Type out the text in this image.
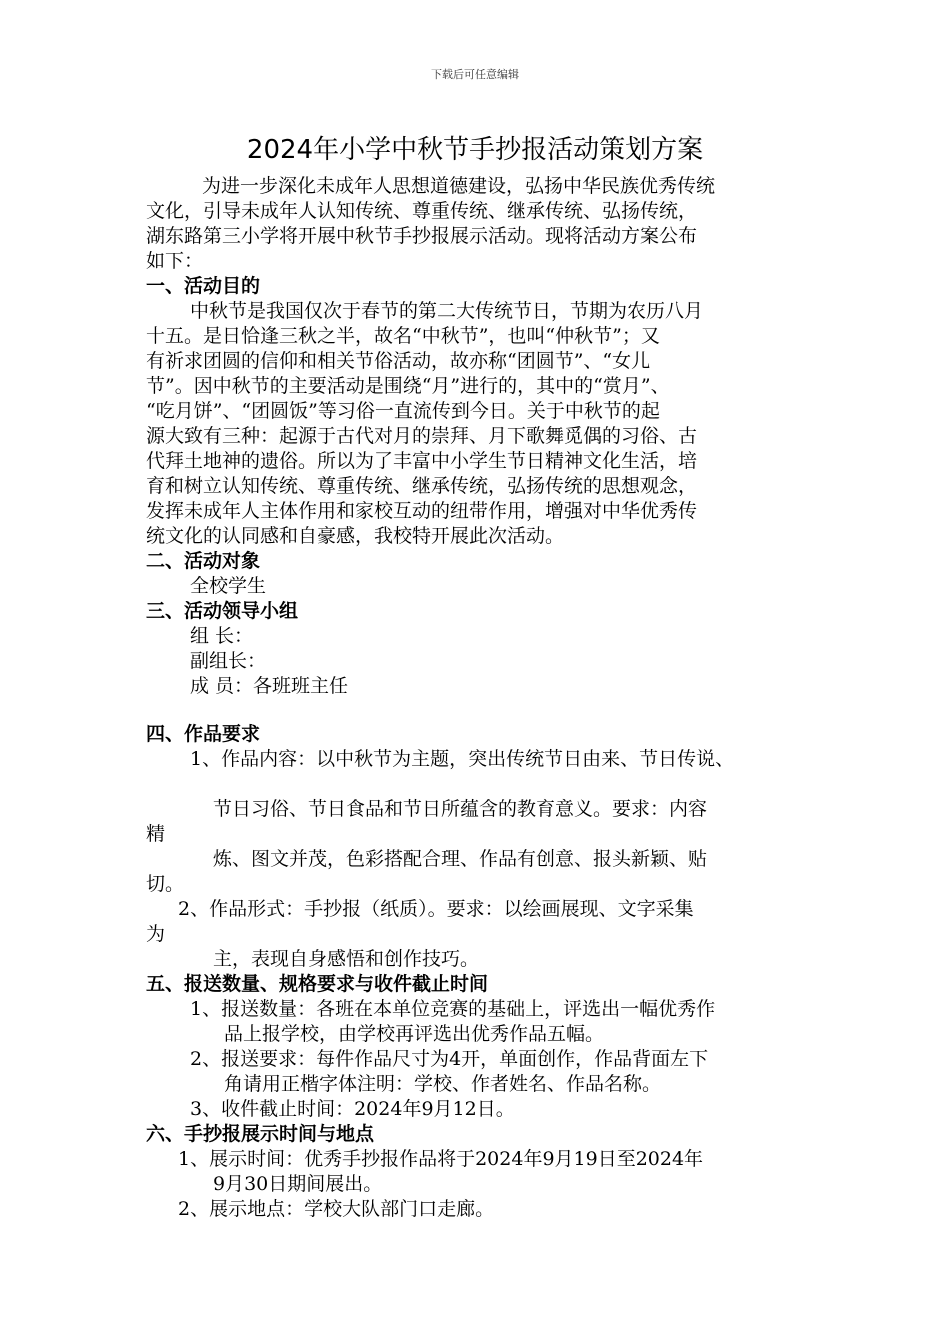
下载后可任意编辑
2024年小学中秋节手抄报活动策划方案
为进一步深化未成年人思想道德建设，弘扬中华民族优秀传统
文化，引导未成年人认知传统、尊重传统、继承传统、弘扬传统，
湖东路第三小学将开展中秋节手抄报展示活动。现将活动方案公布
如下：
一、活动目的
中秋节是我国仅次于春节的第二大传统节日，节期为农历八月
十五。是日恰逢三秋之半，故名“中秋节”，也叫“仲秋节”；又
有祈求团圆的信仰和相关节俗活动，故亦称“团圆节”、“女儿
节”。因中秋节的主要活动是围绕“月”进行的，其中的“赏月”、
“吃月饼”、“团圆饭”等习俗一直流传到今日。关于中秋节的起
源大致有三种：起源于古代对月的崇拜、月下歌舞觅偶的习俗、古
代拜土地神的遗俗。所以为了丰富中小学生节日精神文化生活，培
育和树立认知传统、尊重传统、继承传统，弘扬传统的思想观念，
发挥未成年人主体作用和家校互动的纽带作用，增强对中华优秀传
统文化的认同感和自豪感，我校特开展此次活动。
二、活动对象
全校学生
三、活动领导小组
组 长：
副组长：
成 员：各班班主任
四、作品要求
1、作品内容：以中秋节为主题，突出传统节日由来、节日传说、
节日习俗、节日食品和节日所蕴含的教育意义。要求：内容
精
炼、图文并茂，色彩搭配合理、作品有创意、报头新颖、贴
切。
2、作品形式：手抄报（纸质）。要求：以绘画展现、文字采集
为
主，表现自身感悟和创作技巧。
五、报送数量、规格要求与收件截止时间
1、报送数量：各班在本单位竞赛的基础上，评选出一幅优秀作
品上报学校，由学校再评选出优秀作品五幅。
2、报送要求：每件作品尺寸为4开，单面创作，作品背面左下
角请用正楷字体注明：学校、作者姓名、作品名称。
3、收件截止时间：2024年9月12日。
六、手抄报展示时间与地点
1、展示时间：优秀手抄报作品将于2024年9月19日至2024年
9月30日期间展出。
2、展示地点：学校大队部门口走廊。
